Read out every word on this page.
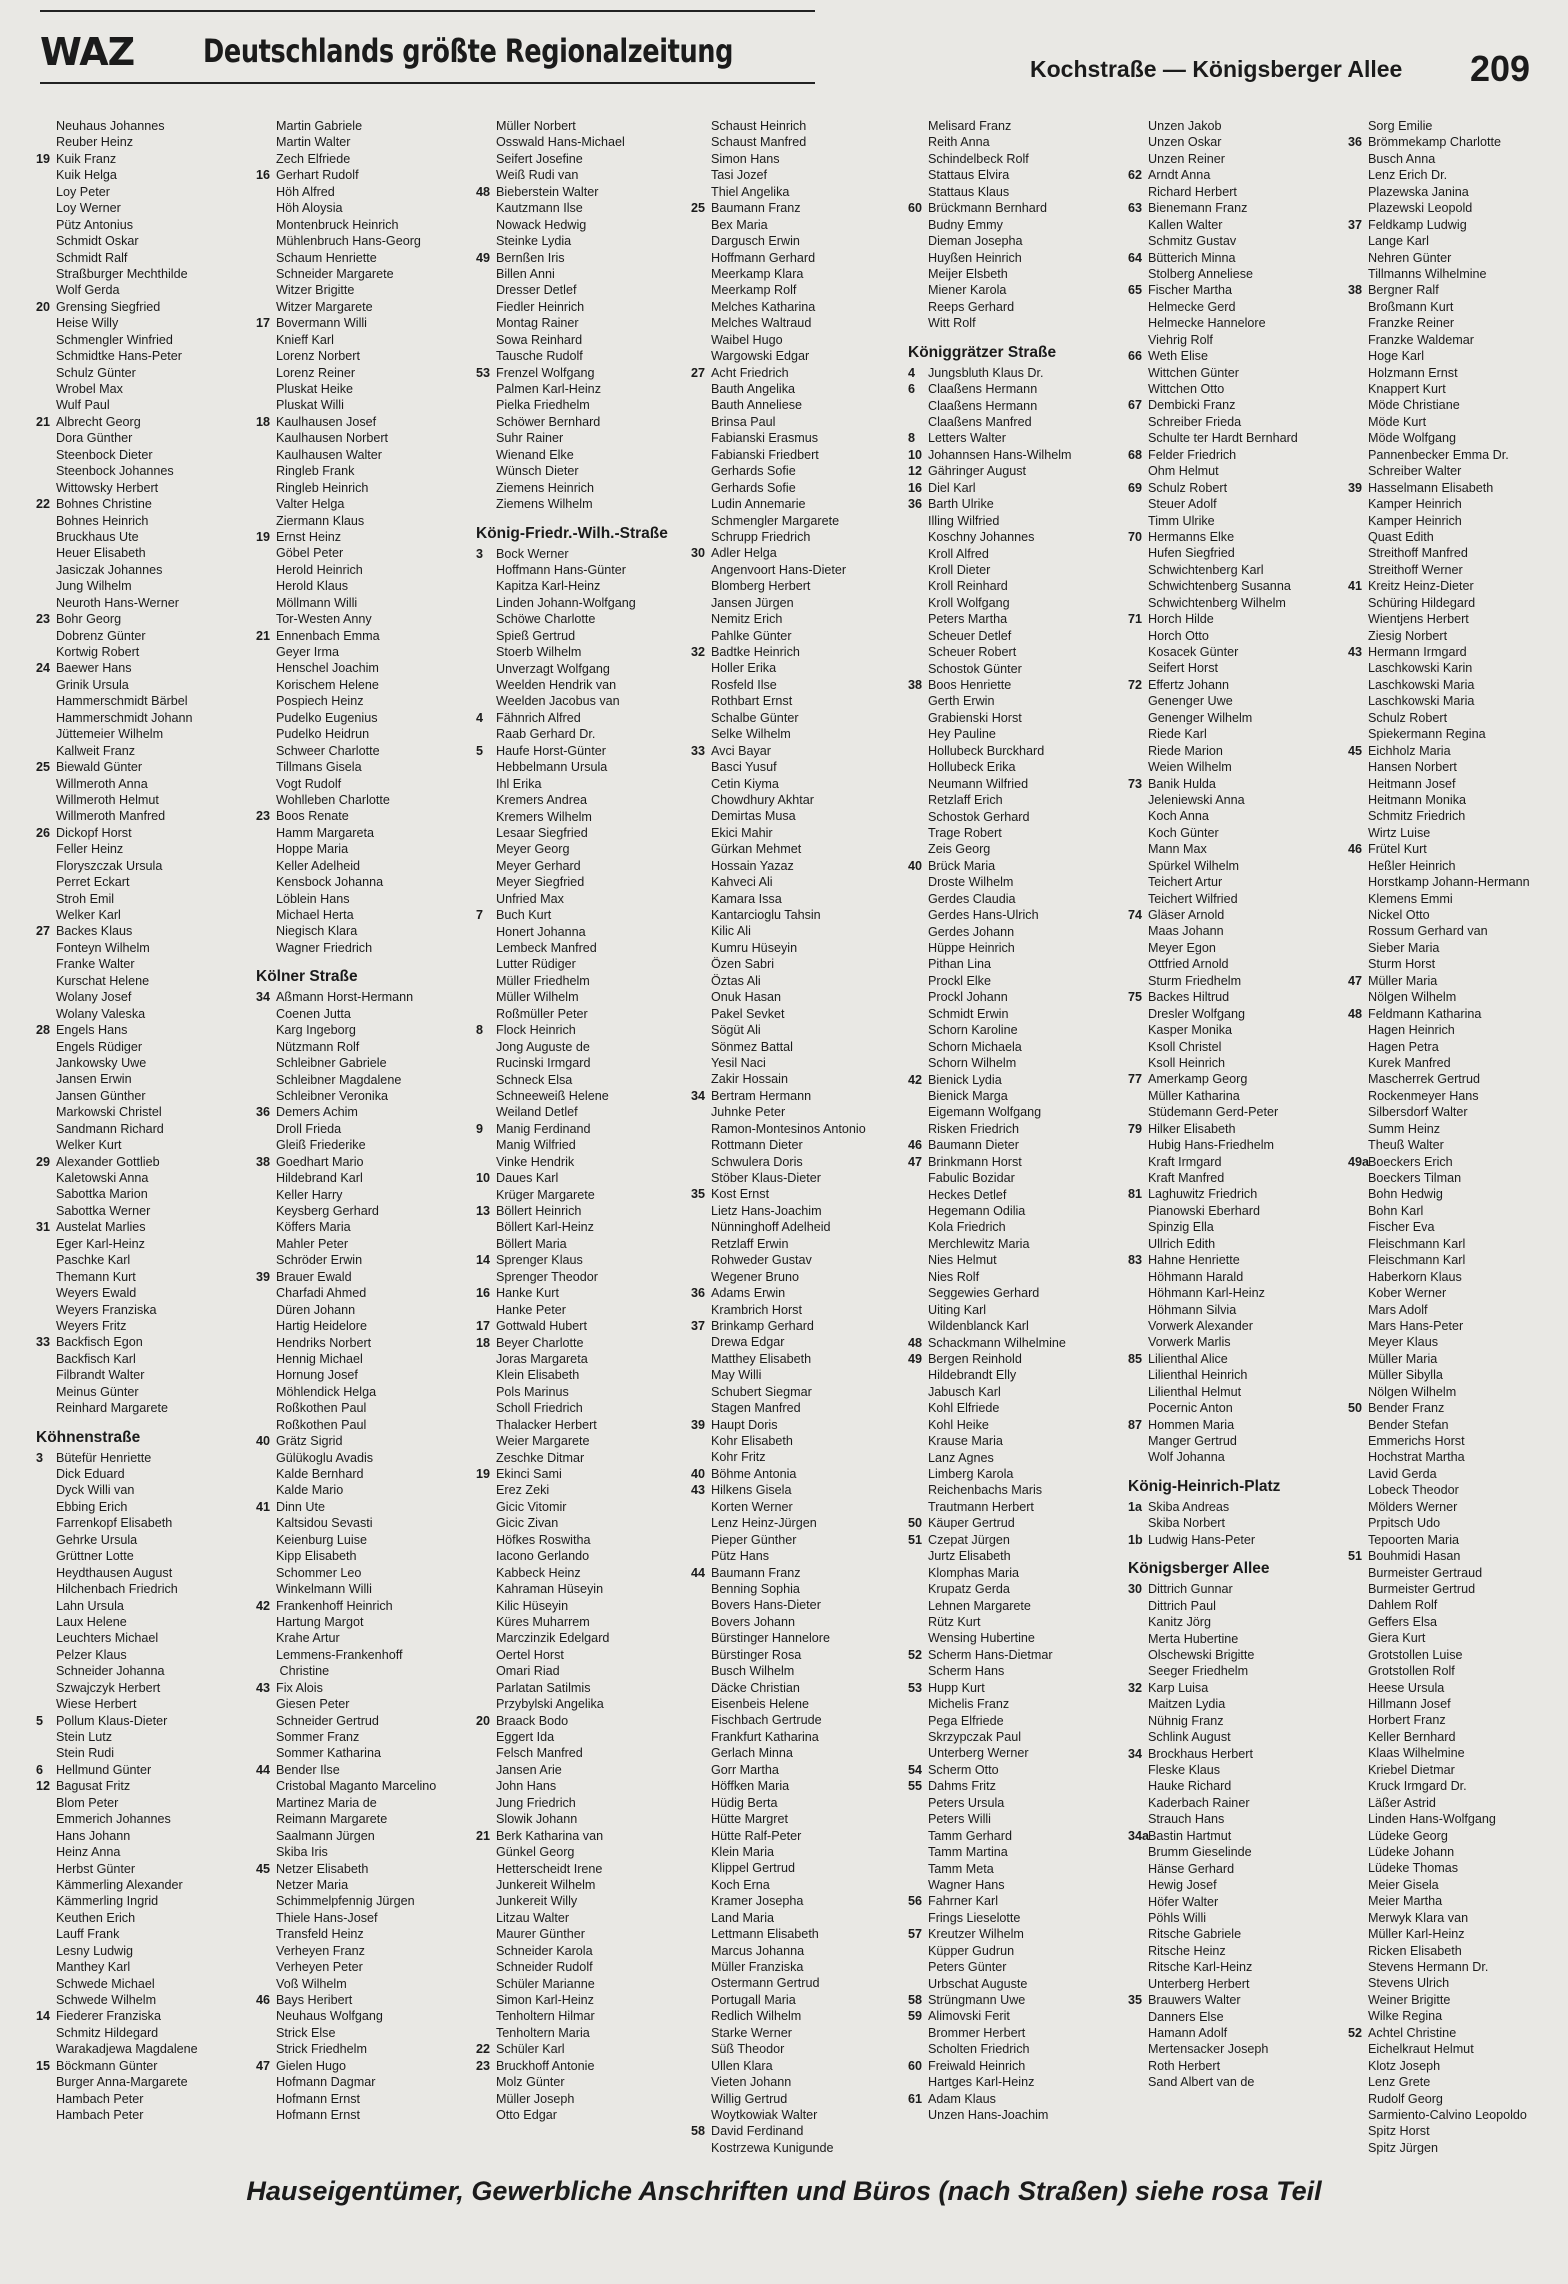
WAZ Deutschlands größte Regionalzeitung	Kochstraße — Königsberger Allee 209
Neuhaus Johannes
Reuber Heinz
19 Kuik Franz
Kuik Helga
Loy Peter
Loy Werner
Pütz Antonius
Schmidt Oskar
Schmidt Ralf
Straßburger Mechthilde
Wolf Gerda
20 Grensing Siegfried
Heise Willy
Schmengler Winfried
Schmidtke Hans-Peter
Schulz Günter
Wrobel Max
Wulf Paul
21 Albrecht Georg
Dora Günther
Steenbock Dieter
Steenbock Johannes
Wittowsky Herbert
22 Bohnes Christine
Bohnes Heinrich
Bruckhaus Ute
Heuer Elisabeth
Jasiczak Johannes
Jung Wilhelm
Neuroth Hans-Werner
23 Bohr Georg
Dobrenz Günter
Kortwig Robert
24 Baewer Hans
Grinik Ursula
Hammerschmidt Bärbel
Hammerschmidt Johann
Jüttemeier Wilhelm
Kallweit Franz
25 Biewald Günter
Willmeroth Anna
Willmeroth Helmut
Willmeroth Manfred
26 Dickopf Horst
Feller Heinz
Floryszczak Ursula
Perret Eckart
Stroh Emil
Welker Karl
27 Backes Klaus
Fonteyn Wilhelm
Franke Walter
Kurschat Helene
Wolany Josef
Wolany Valeska
28 Engels Hans
Engels Rüdiger
Jankowsky Uwe
Jansen Erwin
Jansen Günther
Markowski Christel
Sandmann Richard
Welker Kurt
29 Alexander Gottlieb
Kaletowski Anna
Sabottka Marion
Sabottka Werner
31 Austelat Marlies
Eger Karl-Heinz
Paschke Karl
Themann Kurt
Weyers Ewald
Weyers Franziska
Weyers Fritz
33 Backfisch Egon
Backfisch Karl
Filbrandt Walter
Meinus Günter
Reinhard Margarete
Köhnenstraße
3 Bütefür Henriette
Dick Eduard
Dyck Willi van
Ebbing Erich
Farrenkopf Elisabeth
Gehrke Ursula
Grüttner Lotte
Heydthausen August
Hilchenbach Friedrich
Lahn Ursula
Laux Helene
Leuchters Michael
Pelzer Klaus
Schneider Johanna
Szwajczyk Herbert
Wiese Herbert
5 Pollum Klaus-Dieter
Stein Lutz
Stein Rudi
6 Hellmund Günter
12 Bagusat Fritz
Blom Peter
Emmerich Johannes
Hans Johann
Heinz Anna
Herbst Günter
Kämmerling Alexander
Kämmerling Ingrid
Keuthen Erich
Lauff Frank
Lesny Ludwig
Manthey Karl
Schwede Michael
Schwede Wilhelm
14 Fiederer Franziska
Schmitz Hildegard
Warakadjewa Magdalene
15 Böckmann Günter
Burger Anna-Margarete
Hambach Peter
Hambach Peter
Martin Gabriele
Martin Walter
Zech Elfriede
16 Gerhart Rudolf
Höh Alfred
Höh Aloysia
Montenbruck Heinrich
Mühlenbruch Hans-Georg
Schaum Henriette
Schneider Margarete
Witzer Brigitte
Witzer Margarete
17 Bovermann Willi
Knieff Karl
Lorenz Norbert
Lorenz Reiner
Pluskat Heike
Pluskat Willi
18 Kaulhausen Josef
Kaulhausen Norbert
Kaulhausen Walter
Ringleb Frank
Ringleb Heinrich
Valter Helga
Ziermann Klaus
19 Ernst Heinz
Göbel Peter
Herold Heinrich
Herold Klaus
Möllmann Willi
Tor-Westen Anny
21 Ennenbach Emma
Geyer Irma
Henschel Joachim
Korischem Helene
Pospiech Heinz
Pudelko Eugenius
Pudelko Heidrun
Schweer Charlotte
Tillmans Gisela
Vogt Rudolf
Wohlleben Charlotte
23 Boos Renate
Hamm Margareta
Hoppe Maria
Keller Adelheid
Kensbock Johanna
Löblein Hans
Michael Herta
Niegisch Klara
Wagner Friedrich
Kölner Straße
34 Aßmann Horst-Hermann
Coenen Jutta
Karg Ingeborg
Nützmann Rolf
Schleibner Gabriele
Schleibner Magdalene
Schleibner Veronika
36 Demers Achim
Droll Frieda
Gleiß Friederike
38 Goedhart Mario
Hildebrand Karl
Keller Harry
Keysberg Gerhard
Köffers Maria
Mahler Peter
Schröder Erwin
39 Brauer Ewald
Charfadi Ahmed
Düren Johann
Hartig Heidelore
Hendriks Norbert
Hennig Michael
Hornung Josef
Möhlendick Helga
Roßkothen Paul
Roßkothen Paul
40 Grätz Sigrid
Gülükoglu Avadis
Kalde Bernhard
Kalde Mario
41 Dinn Ute
Kaltsidou Sevasti
Keienburg Luise
Kipp Elisabeth
Schommer Leo
Winkelmann Willi
42 Frankenhoff Heinrich
Hartung Margot
Krahe Artur
Lemmens-Frankenhoff
Christine
43 Fix Alois
Giesen Peter
Schneider Gertrud
Sommer Franz
Sommer Katharina
44 Bender Ilse
Cristobal Maganto Marcelino
Martinez Maria de
Reimann Margarete
Saalmann Jürgen
Skiba Iris
45 Netzer Elisabeth
Netzer Maria
Schimmelpfennig Jürgen
Thiele Hans-Josef
Transfeld Heinz
Verheyen Franz
Verheyen Peter
Voß Wilhelm
46 Bays Heribert
Neuhaus Wolfgang
Strick Else
Strick Friedhelm
47 Gielen Hugo
Hofmann Dagmar
Hofmann Ernst
Hofmann Ernst
Müller Norbert
Osswald Hans-Michael
Seifert Josefine
Weiß Rudi van
48 Bieberstein Walter
Kautzmann Ilse
Nowack Hedwig
Steinke Lydia
49 Bernßen Iris
Billen Anni
Dresser Detlef
Fiedler Heinrich
Montag Rainer
Sowa Reinhard
Tausche Rudolf
53 Frenzel Wolfgang
Palmen Karl-Heinz
Pielka Friedhelm
Schöwer Bernhard
Suhr Rainer
Wienand Elke
Wünsch Dieter
Ziemens Heinrich
Ziemens Wilhelm
König-Friedr.-Wilh.-Straße
3 Bock Werner
Hoffmann Hans-Günter
Kapitza Karl-Heinz
Linden Johann-Wolfgang
Schöwe Charlotte
Spieß Gertrud
Stoerb Wilhelm
Unverzagt Wolfgang
Weelden Hendrik van
Weelden Jacobus van
4 Fähnrich Alfred
Raab Gerhard Dr.
5 Haufe Horst-Günter
Hebbelmann Ursula
Ihl Erika
Kremers Andrea
Kremers Wilhelm
Lesaar Siegfried
Meyer Georg
Meyer Gerhard
Meyer Siegfried
Unfried Max
7 Buch Kurt
Honert Johanna
Lembeck Manfred
Lutter Rüdiger
Müller Friedhelm
Müller Wilhelm
Roßmüller Peter
8 Flock Heinrich
Jong Auguste de
Rucinski Irmgard
Schneck Elsa
Schneeweiß Helene
Weiland Detlef
9 Manig Ferdinand
Manig Wilfried
Vinke Hendrik
10 Daues Karl
Krüger Margarete
13 Böllert Heinrich
Böllert Karl-Heinz
Böllert Maria
14 Sprenger Klaus
Sprenger Theodor
16 Hanke Kurt
Hanke Peter
17 Gottwald Hubert
18 Beyer Charlotte
Joras Margareta
Klein Elisabeth
Pols Marinus
Scholl Friedrich
Thalacker Herbert
Weier Margarete
Zeschke Ditmar
19 Ekinci Sami
Erez Zeki
Gicic Vitomir
Gicic Zivan
Höfkes Roswitha
Iacono Gerlando
Kabbeck Heinz
Kahraman Hüseyin
Kilic Hüseyin
Küres Muharrem
Marczinzik Edelgard
Oertel Horst
Omari Riad
Parlatan Satilmis
Przybylski Angelika
20 Braack Bodo
Eggert Ida
Felsch Manfred
Jansen Arie
John Hans
Jung Friedrich
Slowik Johann
21 Berk Katharina van
Günkel Georg
Hetterscheidt Irene
Junkereit Wilhelm
Junkereit Willy
Litzau Walter
Maurer Günther
Schneider Karola
Schneider Rudolf
Schüler Marianne
Simon Karl-Heinz
Tenholtern Hilmar
Tenholtern Maria
22 Schüler Karl
23 Bruckhoff Antonie
Molz Günter
Müller Joseph
Otto Edgar
Schaust Heinrich
Schaust Manfred
Simon Hans
Tasi Jozef
Thiel Angelika
25 Baumann Franz
Bex Maria
Dargusch Erwin
Hoffmann Gerhard
Meerkamp Klara
Meerkamp Rolf
Melches Katharina
Melches Waltraud
Waibel Hugo
Wargowski Edgar
27 Acht Friedrich
Bauth Angelika
Bauth Anneliese
Brinsa Paul
Fabianski Erasmus
Fabianski Friedbert
Gerhards Sofie
Gerhards Sofie
Ludin Annemarie
Schmengler Margarete
Schrupp Friedrich
30 Adler Helga
Angenvoort Hans-Dieter
Blomberg Herbert
Jansen Jürgen
Nemitz Erich
Pahlke Günter
32 Badtke Heinrich
Holler Erika
Rosfeld Ilse
Rothbart Ernst
Schalbe Günter
Selke Wilhelm
33 Avci Bayar
Basci Yusuf
Cetin Kiyma
Chowdhury Akhtar
Demirtas Musa
Ekici Mahir
Gürkan Mehmet
Hossain Yazaz
Kahveci Ali
Kamara Issa
Kantarcioglu Tahsin
Kilic Ali
Kumru Hüseyin
Özen Sabri
Öztas Ali
Onuk Hasan
Pakel Sevket
Sögüt Ali
Sönmez Battal
Yesil Naci
Zakir Hossain
34 Bertram Hermann
Juhnke Peter
Ramon-Montesinos Antonio
Rottmann Dieter
Schwulera Doris
Stöber Klaus-Dieter
35 Kost Ernst
Lietz Hans-Joachim
Nünninghoff Adelheid
Retzlaff Erwin
Rohweder Gustav
Wegener Bruno
36 Adams Erwin
Krambrich Horst
37 Brinkamp Gerhard
Drewa Edgar
Matthey Elisabeth
May Willi
Schubert Siegmar
Stagen Manfred
39 Haupt Doris
Kohr Elisabeth
Kohr Fritz
40 Böhme Antonia
43 Hilkens Gisela
Korten Werner
Lenz Heinz-Jürgen
Pieper Günther
Pütz Hans
44 Baumann Franz
Benning Sophia
Bovers Hans-Dieter
Bovers Johann
Bürstinger Hannelore
Bürstinger Rosa
Busch Wilhelm
Däcke Christian
Eisenbeis Helene
Fischbach Gertrude
Frankfurt Katharina
Gerlach Minna
Gorr Martha
Höffken Maria
Hüdig Berta
Hütte Margret
Hütte Ralf-Peter
Klein Maria
Klippel Gertrud
Koch Erna
Kramer Josepha
Land Maria
Lettmann Elisabeth
Marcus Johanna
Müller Franziska
Ostermann Gertrud
Portugall Maria
Redlich Wilhelm
Starke Werner
Süß Theodor
Ullen Klara
Vieten Johann
Willig Gertrud
Woytkowiak Walter
58 David Ferdinand
Kostrzewa Kunigunde
Melisard Franz
Reith Anna
Schindelbeck Rolf
Stattaus Elvira
Stattaus Klaus
60 Brückmann Bernhard
Budny Emmy
Dieman Josepha
Huyßen Heinrich
Meijer Elsbeth
Miener Karola
Reeps Gerhard
Witt Rolf
Königgrätzer Straße
4 Jungsbluth Klaus Dr.
6 Claaßens Hermann
Claaßens Hermann
Claaßens Manfred
8 Letters Walter
10 Johannsen Hans-Wilhelm
12 Gähringer August
16 Diel Karl
36 Barth Ulrike
Illing Wilfried
Koschny Johannes
Kroll Alfred
Kroll Dieter
Kroll Reinhard
Kroll Wolfgang
Peters Martha
Scheuer Detlef
Scheuer Robert
Schostok Günter
38 Boos Henriette
Gerth Erwin
Grabienski Horst
Hey Pauline
Hollubeck Burckhard
Hollubeck Erika
Neumann Wilfried
Retzlaff Erich
Schostok Gerhard
Trage Robert
Zeis Georg
40 Brück Maria
Droste Wilhelm
Gerdes Claudia
Gerdes Hans-Ulrich
Gerdes Johann
Hüppe Heinrich
Pithan Lina
Prockl Elke
Prockl Johann
Schmidt Erwin
Schorn Karoline
Schorn Michaela
Schorn Wilhelm
42 Bienick Lydia
Bienick Marga
Eigemann Wolfgang
Risken Friedrich
46 Baumann Dieter
47 Brinkmann Horst
Fabulic Bozidar
Heckes Detlef
Hegemann Odilia
Kola Friedrich
Merchlewitz Maria
Nies Helmut
Nies Rolf
Seggewies Gerhard
Uiting Karl
Wildenblanck Karl
48 Schackmann Wilhelmine
49 Bergen Reinhold
Hildebrandt Elly
Jabusch Karl
Kohl Elfriede
Kohl Heike
Krause Maria
Lanz Agnes
Limberg Karola
Reichenbachs Maris
Trautmann Herbert
50 Käuper Gertrud
51 Czepat Jürgen
Jurtz Elisabeth
Klomphas Maria
Krupatz Gerda
Lehnen Margarete
Rütz Kurt
Wensing Hubertine
52 Scherm Hans-Dietmar
Scherm Hans
53 Hupp Kurt
Michelis Franz
Pega Elfriede
Skrzypczak Paul
Unterberg Werner
54 Scherm Otto
55 Dahms Fritz
Peters Ursula
Peters Willi
Tamm Gerhard
Tamm Martina
Tamm Meta
Wagner Hans
56 Fahrner Karl
Frings Lieselotte
57 Kreutzer Wilhelm
Küpper Gudrun
Peters Günter
Urbschat Auguste
58 Strüngmann Uwe
59 Alimovski Ferit
Brommer Herbert
Scholten Friedrich
60 Freiwald Heinrich
Hartges Karl-Heinz
61 Adam Klaus
Unzen Hans-Joachim
Unzen Jakob
Unzen Oskar
Unzen Reiner
62 Arndt Anna
Richard Herbert
63 Bienemann Franz
Kallen Walter
Schmitz Gustav
64 Bütterich Minna
Stolberg Anneliese
65 Fischer Martha
Helmecke Gerd
Helmecke Hannelore
Viehrig Rolf
66 Weth Elise
Wittchen Günter
Wittchen Otto
67 Dembicki Franz
Schreiber Frieda
Schulte ter Hardt Bernhard
68 Felder Friedrich
Ohm Helmut
69 Schulz Robert
Steuer Adolf
Timm Ulrike
70 Hermanns Elke
Hufen Siegfried
Schwichtenberg Karl
Schwichtenberg Susanna
Schwichtenberg Wilhelm
71 Horch Hilde
Horch Otto
Kosacek Günter
Seifert Horst
72 Effertz Johann
Genenger Uwe
Genenger Wilhelm
Riede Karl
Riede Marion
Weien Wilhelm
73 Banik Hulda
Jeleniewski Anna
Koch Anna
Koch Günter
Mann Max
Spürkel Wilhelm
Teichert Artur
Teichert Wilfried
74 Gläser Arnold
Maas Johann
Meyer Egon
Ottfried Arnold
Sturm Friedhelm
75 Backes Hiltrud
Dresler Wolfgang
Kasper Monika
Ksoll Christel
Ksoll Heinrich
77 Amerkamp Georg
Müller Katharina
Stüdemann Gerd-Peter
79 Hilker Elisabeth
Hubig Hans-Friedhelm
Kraft Irmgard
Kraft Manfred
81 Laghuwitz Friedrich
Pianowski Eberhard
Spinzig Ella
Ullrich Edith
83 Hahne Henriette
Höhmann Harald
Höhmann Karl-Heinz
Höhmann Silvia
Vorwerk Alexander
Vorwerk Marlis
85 Lilienthal Alice
Lilienthal Heinrich
Lilienthal Helmut
Pocernic Anton
87 Hommen Maria
Manger Gertrud
Wolf Johanna
König-Heinrich-Platz
1a Skiba Andreas
Skiba Norbert
1b Ludwig Hans-Peter
Königsberger Allee
30 Dittrich Gunnar
Dittrich Paul
Kanitz Jörg
Merta Hubertine
Olschewski Brigitte
Seeger Friedhelm
32 Karp Luisa
Maitzen Lydia
Nühnig Franz
Schlink August
34 Brockhaus Herbert
Fleske Klaus
Hauke Richard
Kaderbach Rainer
Strauch Hans
34aBastin Hartmut
Brumm Gieselinde
Hänse Gerhard
Hewig Josef
Höfer Walter
Pöhls Willi
Ritsche Gabriele
Ritsche Heinz
Ritsche Karl-Heinz
Unterberg Herbert
35 Brauwers Walter
Danners Else
Hamann Adolf
Mertensacker Joseph
Roth Herbert
Sand Albert van de
Sorg Emilie
36 Brömmekamp Charlotte
Busch Anna
Lenz Erich Dr.
Plazewska Janina
Plazewski Leopold
37 Feldkamp Ludwig
Lange Karl
Nehren Günter
Tillmanns Wilhelmine
38 Bergner Ralf
Broßmann Kurt
Franzke Reiner
Franzke Waldemar
Hoge Karl
Holzmann Ernst
Knappert Kurt
Möde Christiane
Möde Kurt
Möde Wolfgang
Pannenbecker Emma Dr.
Schreiber Walter
39 Hasselmann Elisabeth
Kamper Heinrich
Kamper Heinrich
Quast Edith
Streithoff Manfred
Streithoff Werner
41 Kreitz Heinz-Dieter
Schüring Hildegard
Wientjens Herbert
Ziesig Norbert
43 Hermann Irmgard
Laschkowski Karin
Laschkowski Maria
Laschkowski Maria
Schulz Robert
Spiekermann Regina
45 Eichholz Maria
Hansen Norbert
Heitmann Josef
Heitmann Monika
Schmitz Friedrich
Wirtz Luise
46 Frütel Kurt
Heßler Heinrich
Horstkamp Johann-Hermann
Klemens Emmi
Nickel Otto
Rossum Gerhard van
Sieber Maria
Sturm Horst
47 Müller Maria
Nölgen Wilhelm
48 Feldmann Katharina
Hagen Heinrich
Hagen Petra
Kurek Manfred
Mascherrek Gertrud
Rockenmeyer Hans
Silbersdorf Walter
Summ Heinz
Theuß Walter
49aBoeckers Erich
Boeckers Tilman
Bohn Hedwig
Bohn Karl
Fischer Eva
Fleischmann Karl
Fleischmann Karl
Haberkorn Klaus
Kober Werner
Mars Adolf
Mars Hans-Peter
Meyer Klaus
Müller Maria
Müller Sibylla
Nölgen Wilhelm
50 Bender Franz
Bender Stefan
Emmerichs Horst
Hochstrat Martha
Lavid Gerda
Lobeck Theodor
Mölders Werner
Prpitsch Udo
Tepoorten Maria
51 Bouhmidi Hasan
Burmeister Gertraud
Burmeister Gertrud
Dahlem Rolf
Geffers Elsa
Giera Kurt
Grotstollen Luise
Grotstollen Rolf
Heese Ursula
Hillmann Josef
Horbert Franz
Keller Bernhard
Klaas Wilhelmine
Kriebel Dietmar
Kruck Irmgard Dr.
Läßer Astrid
Linden Hans-Wolfgang
Lüdeke Georg
Lüdeke Johann
Lüdeke Thomas
Meier Gisela
Meier Martha
Merwyk Klara van
Müller Karl-Heinz
Ricken Elisabeth
Stevens Hermann Dr.
Stevens Ulrich
Weiner Brigitte
Wilke Regina
52 Achtel Christine
Eichelkraut Helmut
Klotz Joseph
Lenz Grete
Rudolf Georg
Sarmiento-Calvino Leopoldo
Spitz Horst
Spitz Jürgen
Hauseigentümer, Gewerbliche Anschriften und Büros (nach Straßen) siehe rosa Teil
